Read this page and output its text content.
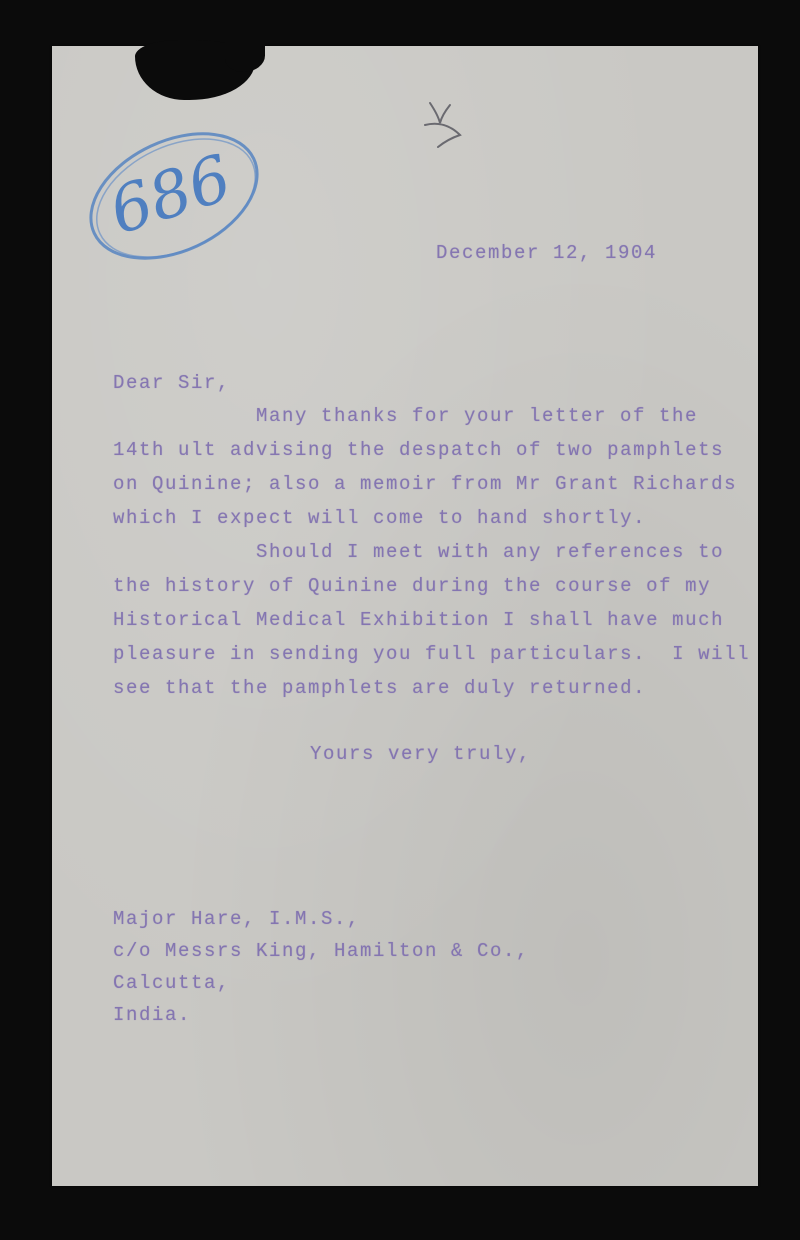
686
December 12, 1904
Dear Sir,
Many thanks for your letter of the
14th ult advising the despatch of two pamphlets
on Quinine; also a memoir from Mr Grant Richards
which I expect will come to hand shortly.
Should I meet with any references to
the history of Quinine during the course of my
Historical Medical Exhibition I shall have much
pleasure in sending you full particulars.  I will
see that the pamphlets are duly returned.
Yours very truly,
Major Hare, I.M.S.,
c/o Messrs King, Hamilton & Co.,
Calcutta,
India.
